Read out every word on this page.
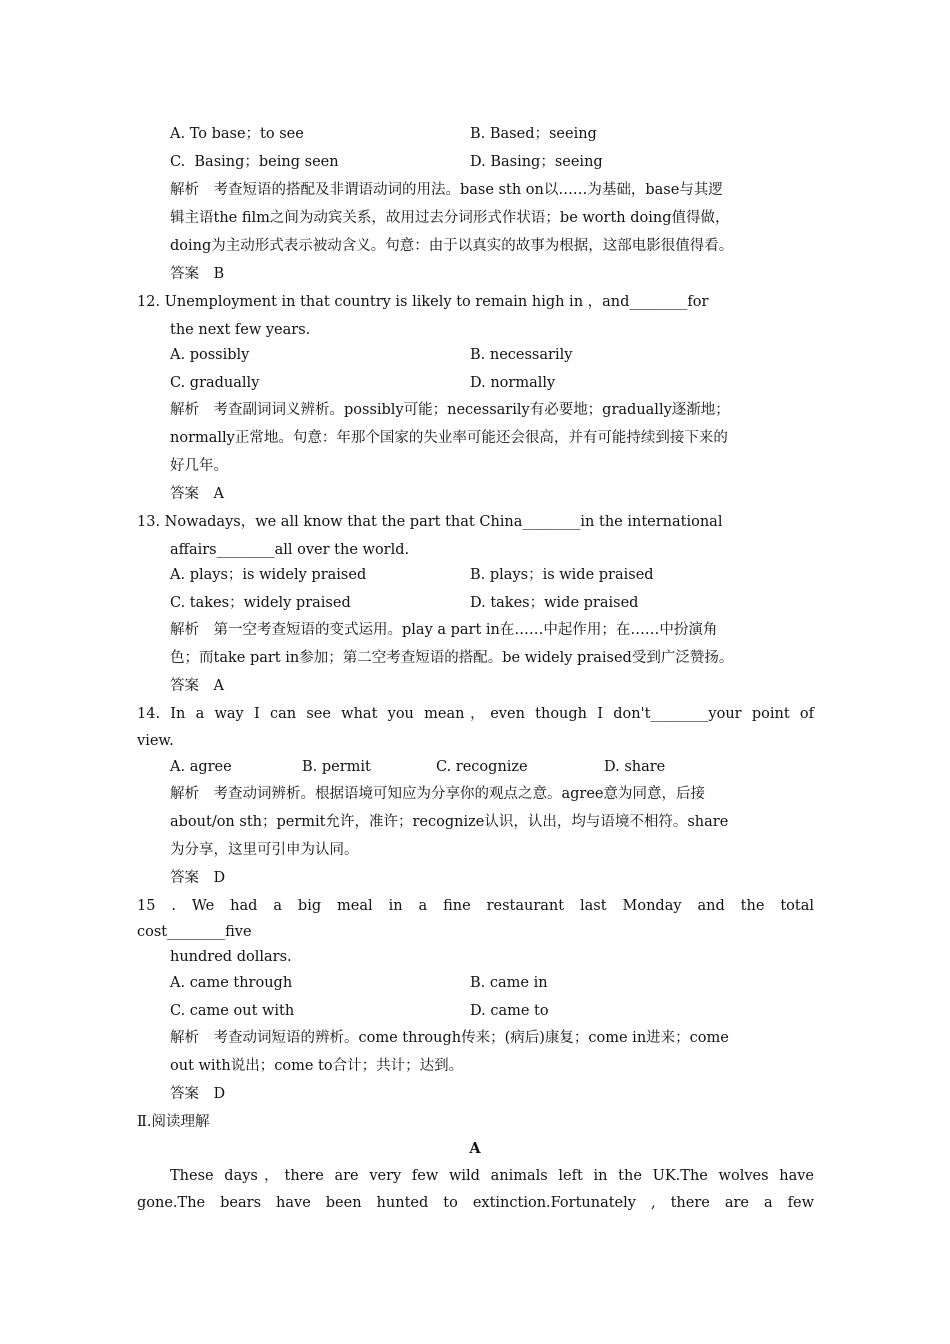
A. To base；to see	B. Based；seeing
C.  Basing；being seen	D. Basing；seeing
解析　考查短语的搭配及非谓语动词的用法。base sth on以……为基础，base与其逻
辑主语the film之间为动宾关系，故用过去分词形式作状语；be worth doing值得做，
doing为主动形式表示被动含义。句意：由于以真实的故事为根据，这部电影很值得看。
答案　B
12. Unemployment in that country is likely to remain high in ，and________for
the next few years.
A. possibly	B. necessarily
C. gradually	D. normally
解析　考查副词词义辨析。possibly可能；necessarily有必要地；gradually逐渐地；
normally正常地。句意：年那个国家的失业率可能还会很高，并有可能持续到接下来的
好几年。
答案　A
13. Nowadays，we all know that the part that China________in the international
affairs________all over the world.
A. plays；is widely praised	B. plays；is wide praised
C. takes；widely praised	D. takes；wide praised
解析　第一空考查短语的变式运用。play a part in在……中起作用；在……中扮演角
色；而take part in参加；第二空考查短语的搭配。be widely praised受到广泛赞扬。
答案　A
14. In a way I can see what you mean，even though I don't________your point of
view.
A. agree	B. permit	C. recognize	D. share
解析　考查动词辨析。根据语境可知应为分享你的观点之意。agree意为同意，后接
about/on sth；permit允许，准许；recognize认识，认出，均与语境不相符。share
为分享，这里可引申为认同。
答案　D
15 . We had a big meal in a fine restaurant last Monday and the total
cost________five
hundred dollars.
A. came through	B. came in
C. came out with	D. came to
解析　考查动词短语的辨析。come through传来；(病后)康复；come in进来；come
out with说出；come to合计；共计；达到。
答案　D
Ⅱ.阅读理解
A
These days，there are very few wild animals left in the UK.The wolves have
gone.The bears have been hunted to extinction.Fortunately , there are a few
